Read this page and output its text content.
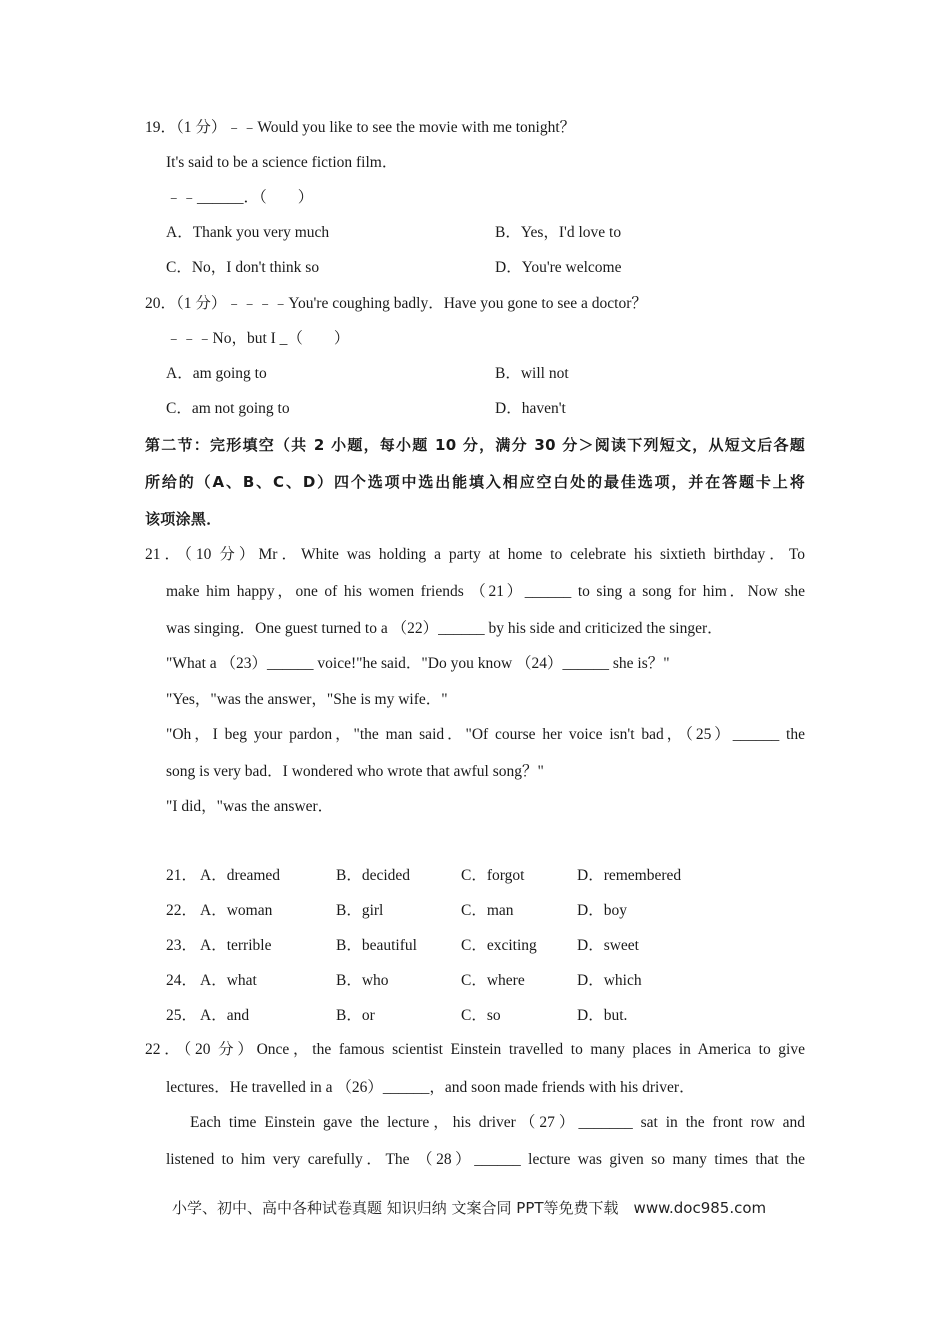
19．（1 分）﹣﹣Would you like to see the movie with me tonight？
It's said to be a science fiction film．
﹣﹣______．（　　）
A．Thank you very much	B．Yes，I'd love to
C．No，I don't think so	D．You're welcome
20．（1 分）﹣﹣﹣﹣You're coughing badly．Have you gone to see a doctor？
﹣﹣﹣No，but I _（　　）
A．am going to	B．will not
C．am not going to	D．haven't
第二节：完形填空（共 2 小题，每小题 10 分，满分 30 分＞阅读下列短文，从短文后各题
所给的（A、B、C、D）四个选项中选出能填入相应空白处的最佳选项，并在答题卡上将
该项涂黑．
21．（10 分）Mr．White was holding a party at home to celebrate his sixtieth birthday．To
make him happy，one of his women friends （21）______ to sing a song for him．Now she
was singing．One guest turned to a （22）______ by his side and criticized the singer．
"What a （23）______ voice!"he said．"Do you know （24）______ she is？"
"Yes，"was the answer，"She is my wife．"
"Oh，I beg your pardon，"the man said．"Of course her voice isn't bad，（25）______ the
song is very bad．I wondered who wrote that awful song？"
"I did，"was the answer．
21． A．dreamed	B．decided	C．forgot	D．remembered
22． A．woman	B．girl	C．man	D．boy
23． A．terrible	B．beautiful	C．exciting	D．sweet
24． A．what	B．who	C．where	D．which
25． A．and	B．or	C．so	D．but.
22．（20 分）Once，the famous scientist Einstein travelled to many places in America to give
lectures．He travelled in a （26）______，and soon made friends with his driver．
Each time Einstein gave the lecture，his driver（27）_______ sat in the front row and
listened to him very carefully．The （28）______ lecture was given so many times that the
小学、初中、高中各种试卷真题 知识归纳 文案合同 PPT等免费下载　www.doc985.com
